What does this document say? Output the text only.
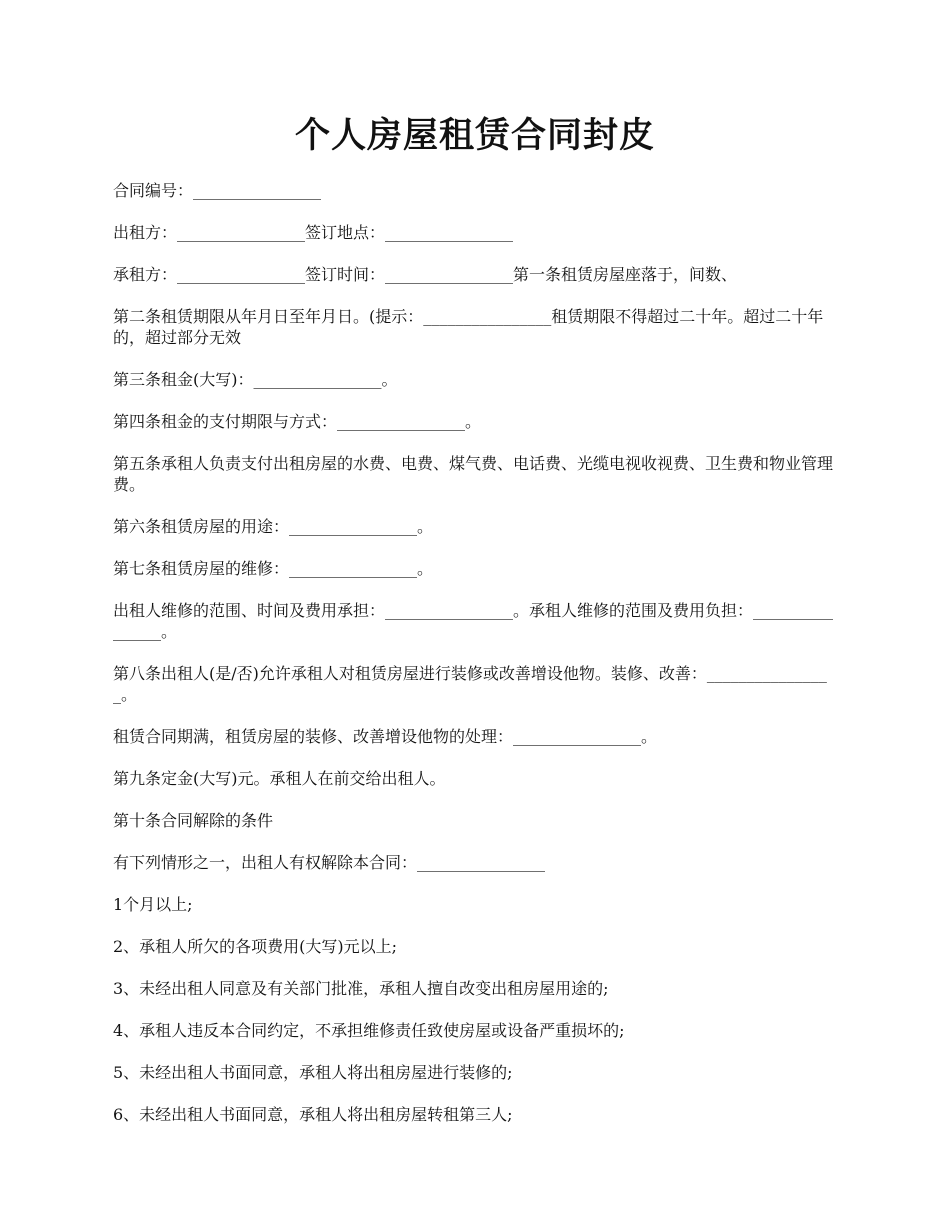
个人房屋租赁合同封皮

合同编号：________________

出租方：________________签订地点：________________

承租方：________________签订时间：________________第一条租赁房屋座落于，间数、

第二条租赁期限从年月日至年月日。(提示：________________租赁期限不得超过二十年。超过二十年的，超过部分无效

第三条租金(大写)：________________。

第四条租金的支付期限与方式：________________。

第五条承租人负责支付出租房屋的水费、电费、煤气费、电话费、光缆电视收视费、卫生费和物业管理费。

第六条租赁房屋的用途：________________。

第七条租赁房屋的维修：________________。

出租人维修的范围、时间及费用承担：________________。承租人维修的范围及费用负担：________________。

第八条出租人(是/否)允许承租人对租赁房屋进行装修或改善增设他物。装修、改善：________________。

租赁合同期满，租赁房屋的装修、改善增设他物的处理：________________。

第九条定金(大写)元。承租人在前交给出租人。

第十条合同解除的条件

有下列情形之一，出租人有权解除本合同：________________

1个月以上;

2、承租人所欠的各项费用(大写)元以上;

3、未经出租人同意及有关部门批准，承租人擅自改变出租房屋用途的;

4、承租人违反本合同约定，不承担维修责任致使房屋或设备严重损坏的;

5、未经出租人书面同意，承租人将出租房屋进行装修的;

6、未经出租人书面同意，承租人将出租房屋转租第三人;
